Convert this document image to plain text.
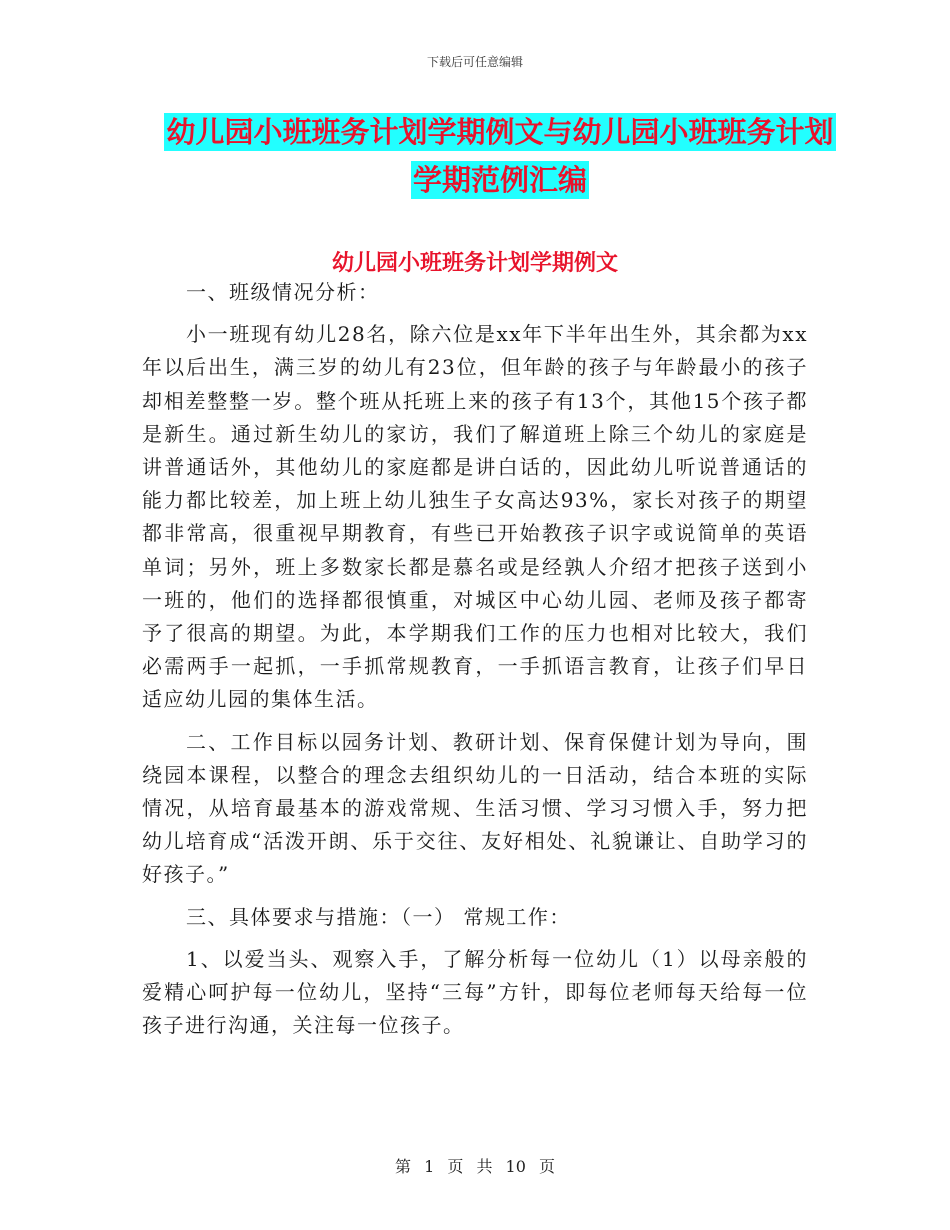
下载后可任意编辑
幼儿园小班班务计划学期例文与幼儿园小班班务计划
学期范例汇编
幼儿园小班班务计划学期例文

一、班级情况分析：

小一班现有幼儿28名，除六位是xx年下半年出生外，其余都为xx年以后出生，满三岁的幼儿有23位，但年龄的孩子与年龄最小的孩子却相差整整一岁。整个班从托班上来的孩子有13个，其他15个孩子都是新生。通过新生幼儿的家访，我们了解道班上除三个幼儿的家庭是讲普通话外，其他幼儿的家庭都是讲白话的，因此幼儿听说普通话的能力都比较差，加上班上幼儿独生子女高达93%，家长对孩子的期望都非常高，很重视早期教育，有些已开始教孩子识字或说简单的英语单词；另外，班上多数家长都是慕名或是经孰人介绍才把孩子送到小一班的，他们的选择都很慎重，对城区中心幼儿园、老师及孩子都寄予了很高的期望。为此，本学期我们工作的压力也相对比较大，我们必需两手一起抓，一手抓常规教育，一手抓语言教育，让孩子们早日适应幼儿园的集体生活。

二、工作目标以园务计划、教研计划、保育保健计划为导向，围绕园本课程，以整合的理念去组织幼儿的一日活动，结合本班的实际情况，从培育最基本的游戏常规、生活习惯、学习习惯入手，努力把幼儿培育成“活泼开朗、乐于交往、友好相处、礼貌谦让、自助学习的好孩子。”

三、具体要求与措施：（一） 常规工作：

1、以爱当头、观察入手，了解分析每一位幼儿（1）以母亲般的爱精心呵护每一位幼儿，坚持“三每”方针，即每位老师每天给每一位孩子进行沟通，关注每一位孩子。

第 1 页 共 10 页
